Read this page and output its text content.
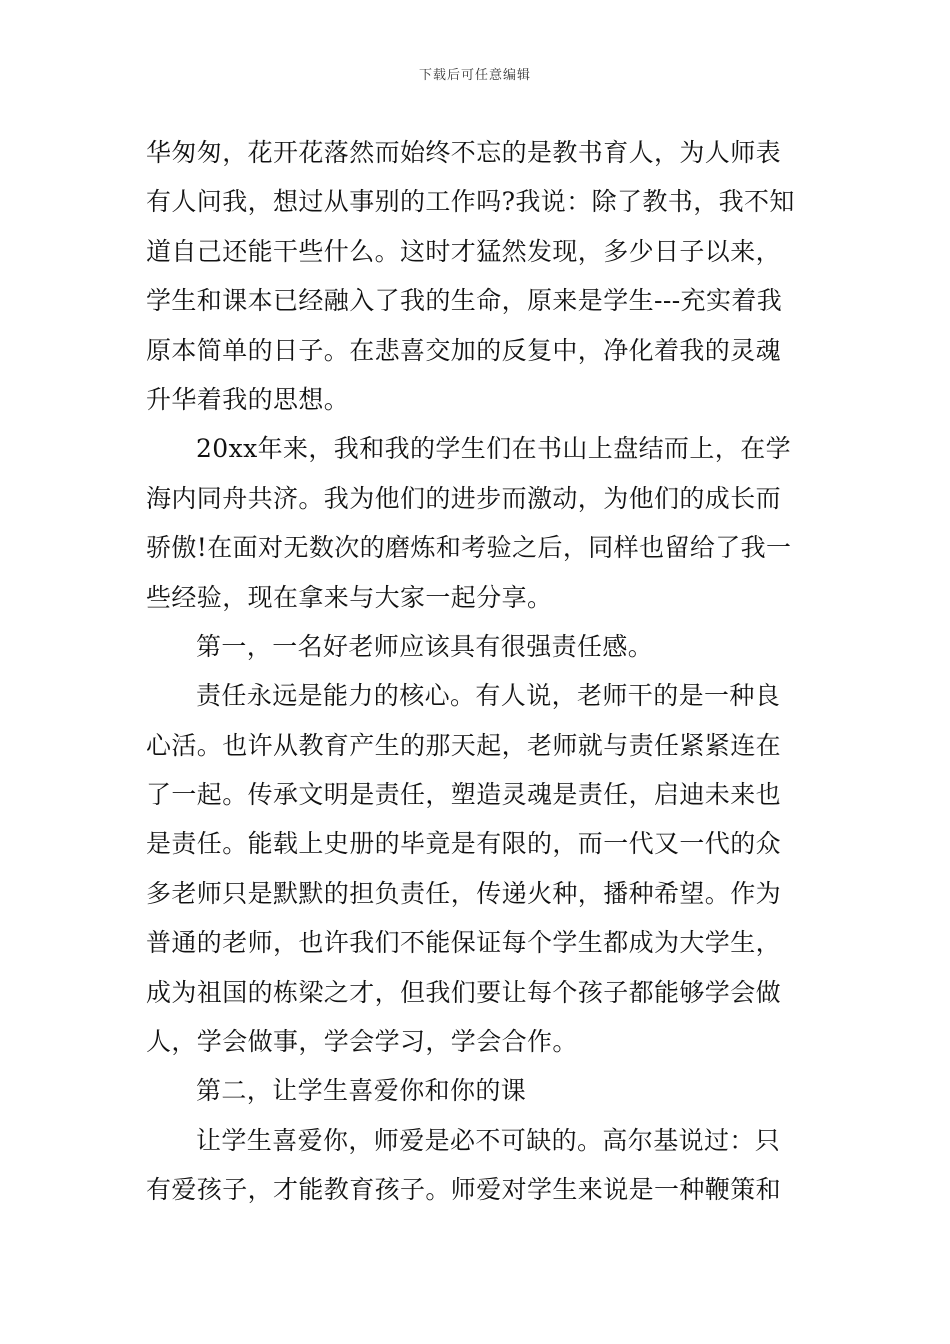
下载后可任意编辑
华匆匆，花开花落然而始终不忘的是教书育人，为人师表
有人问我，想过从事别的工作吗?我说：除了教书，我不知
道自己还能干些什么。这时才猛然发现，多少日子以来，
学生和课本已经融入了我的生命，原来是学生---充实着我
原本简单的日子。在悲喜交加的反复中，净化着我的灵魂
升华着我的思想。
20xx年来，我和我的学生们在书山上盘结而上，在学
海内同舟共济。我为他们的进步而激动，为他们的成长而
骄傲!在面对无数次的磨炼和考验之后，同样也留给了我一
些经验，现在拿来与大家一起分享。
第一，一名好老师应该具有很强责任感。
责任永远是能力的核心。有人说，老师干的是一种良
心活。也许从教育产生的那天起，老师就与责任紧紧连在
了一起。传承文明是责任，塑造灵魂是责任，启迪未来也
是责任。能载上史册的毕竟是有限的，而一代又一代的众
多老师只是默默的担负责任，传递火种，播种希望。作为
普通的老师，也许我们不能保证每个学生都成为大学生，
成为祖国的栋梁之才，但我们要让每个孩子都能够学会做
人，学会做事，学会学习，学会合作。
第二，让学生喜爱你和你的课
让学生喜爱你，师爱是必不可缺的。高尔基说过：只
有爱孩子，才能教育孩子。师爱对学生来说是一种鞭策和
